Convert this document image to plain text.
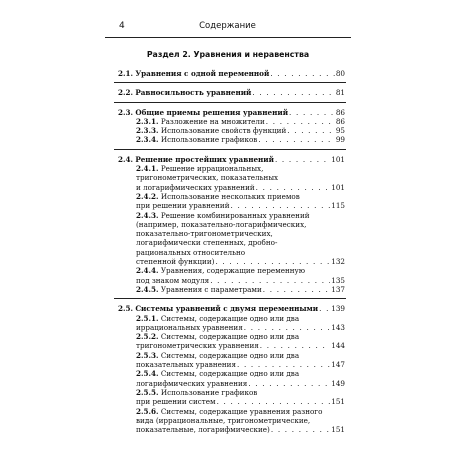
4	Содержание
Раздел 2. Уравнения и неравенства
2.1. Уравнения с одной переменной . . .	80
2.2. Равносильность уравнений . . .	81
2.3. Общие приемы решения уравнений . . .	86
2.3.1. Разложение на множители . . .	86
2.3.3. Использование свойств функций . . .	95
2.3.4. Использование графиков . . .	99
2.4. Решение простейших уравнений . . .	101
2.4.1. Решение иррациональных,
тригонометрических, показательных
и логарифмических уравнений . . .	101
2.4.2. Использование нескольких приемов
при решении уравнений . . .	115
2.4.3. Решение комбинированных уравнений
(например, показательно-логарифмических,
показательно-тригонометрических,
логарифмически степенных, дробно-
рациональных относительно
степенной функции) . . .	132
2.4.4. Уравнения, содержащие переменную
под знаком модуля . . .	135
2.4.5. Уравнения с параметрами . . .	137
2.5. Системы уравнений с двумя переменными . . . 139
2.5.1. Системы, содержащие одно или два
иррациональных уравнения . . .	143
2.5.2. Системы, содержащие одно или два
тригонометрических уравнения . . .	144
2.5.3. Системы, содержащие одно или два
показательных уравнения . . .	147
2.5.4. Системы, содержащие одно или два
логарифмических уравнения . . .	149
2.5.5. Использование графиков
при решении систем . . .	151
2.5.6. Системы, содержащие уравнения разного
вида (иррациональные, тригонометрические,
показательные, логарифмические) . . .	151
